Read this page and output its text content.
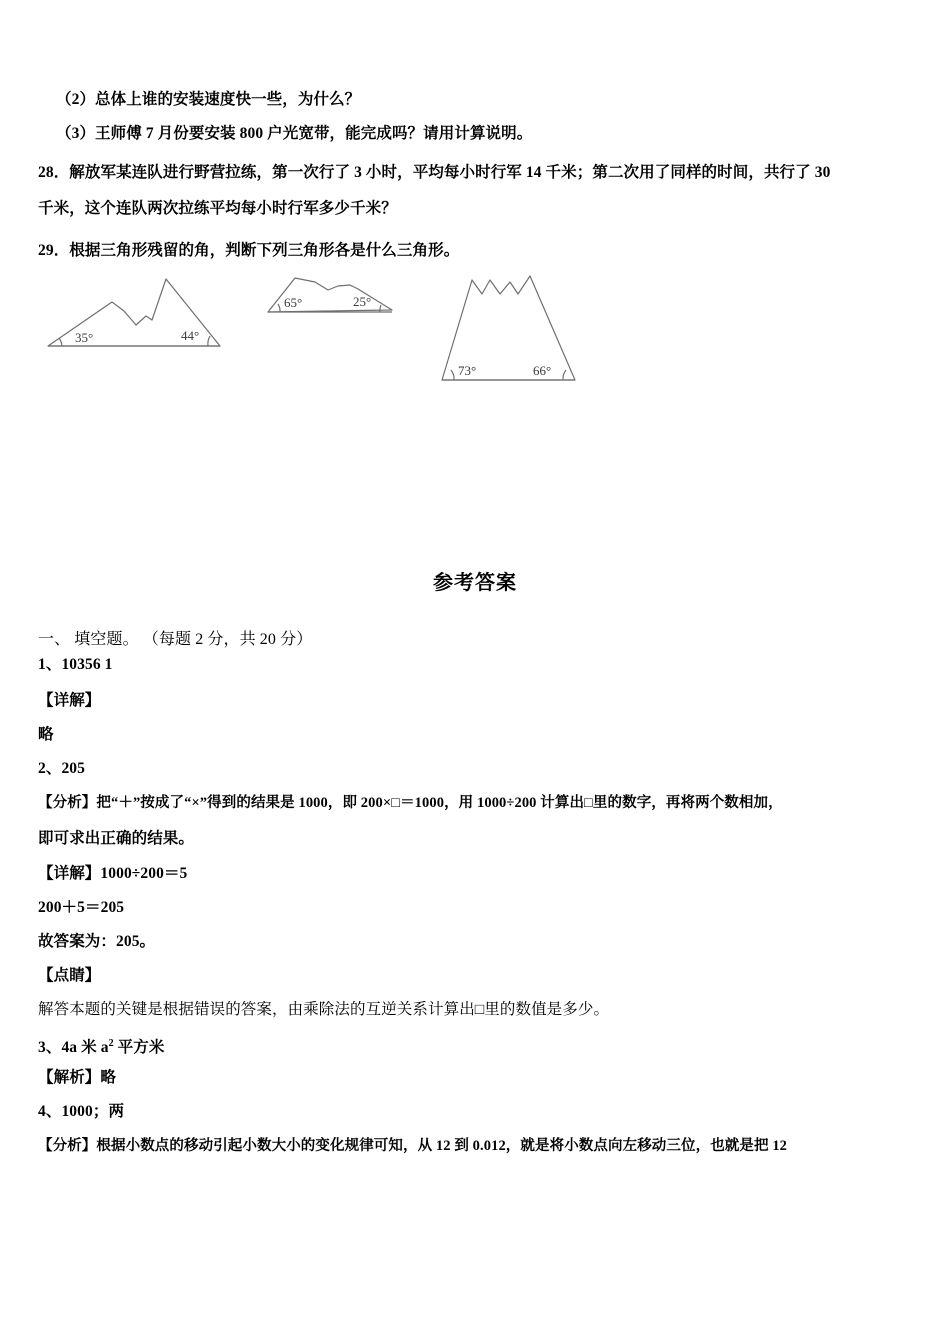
（2）总体上谁的安装速度快一些，为什么？
（3）王师傅 7 月份要安装 800 户光宽带，能完成吗？请用计算说明。
28．解放军某连队进行野营拉练，第一次行了 3 小时，平均每小时行军 14 千米；第二次用了同样的时间，共行了 30
千米，这个连队两次拉练平均每小时行军多少千米？
29．根据三角形残留的角，判断下列三角形各是什么三角形。
35°	44°
65°	25°
73°	66°
参考答案
一、 填空题。 （每题 2 分，共 20 分）
1、10356 1
【详解】
略
2、205
【分析】把“＋”按成了“×”得到的结果是 1000，即 200×□＝1000，用 1000÷200 计算出□里的数字，再将两个数相加，
即可求出正确的结果。
【详解】1000÷200＝5
200＋5＝205
故答案为：205。
【点睛】
解答本题的关键是根据错误的答案，由乘除法的互逆关系计算出□里的数值是多少。
3、4a 米 $a^2$ 平方米
【解析】略
4、1000；两
【分析】根据小数点的移动引起小数大小的变化规律可知，从 12 到 0.012，就是将小数点向左移动三位，也就是把 12
